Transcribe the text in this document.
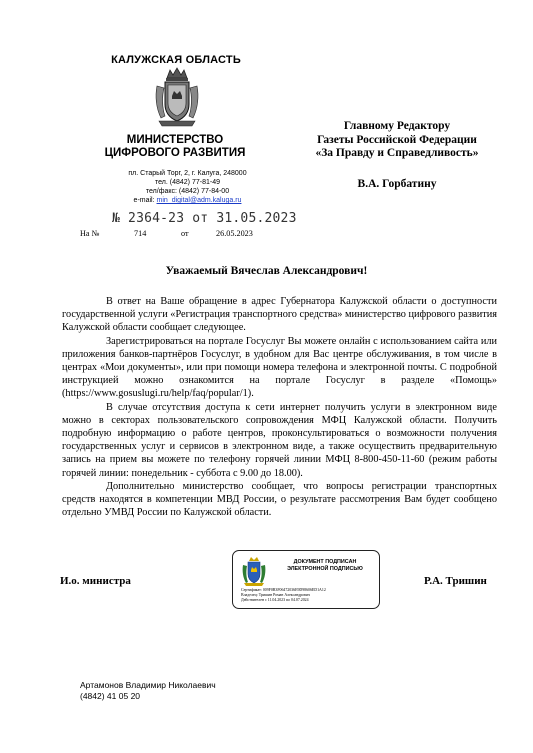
КАЛУЖСКАЯ ОБЛАСТЬ
МИНИСТЕРСТВО
ЦИФРОВОГО РАЗВИТИЯ
пл. Старый Торг, 2, г. Калуга, 248000
тел. (4842) 77-81-49
тел/факс: (4842) 77-84-00
e-mail: min_digital@adm.kaluga.ru
№ 2364-23 от 31.05.2023
На №	714	от	26.05.2023
Главному Редактору
Газеты Российской Федерации
«За Правду и Справедливость»
В.А. Горбатину
Уважаемый Вячеслав Александрович!

В ответ на Ваше обращение в адрес Губернатора Калужской области о доступности государственной услуги «Регистрация транспортного средства» министерство цифрового развития Калужской области сообщает следующее.

Зарегистрироваться на портале Госуслуг Вы можете онлайн с использованием сайта или приложения банков-партнёров Госуслуг, в удобном для Вас центре обслуживания, в том числе в центрах «Мои документы», или при помощи номера телефона и электронной почты. С подробной инструкцией можно ознакомится на портале Госуслуг в разделе «Помощь» (https://www.gosuslugi.ru/help/faq/popular/1).

В случае отсутствия доступа к сети интернет получить услуги в электронном виде можно в секторах пользовательского сопровождения МФЦ Калужской области. Получить подробную информацию о работе центров, проконсультироваться о возможности получения государственных услуг и сервисов в электронном виде, а также осуществить предварительную запись на прием вы можете по телефону горячей линии МФЦ 8-800-450-11-60 (режим работы горячей линии: понедельник - суббота с 9.00 до 18.00).

Дополнительно министерство сообщает, что вопросы регистрации транспортных средств находятся в компетенции МВД России, о результате рассмотрения Вам будет сообщено отдельно УМВД России по Калужской области.

И.о. министра	Р.А. Тришин
ДОКУМЕНТ ПОДПИСАН
ЭЛЕКТРОННОЙ ПОДПИСЬЮ
Сертификат: 009F0B3F06472036E9D98606ED1A12
Владелец: Тришин Роман Александрович
Действителен с 11.04.2023 по 04.07.2024
Артамонов Владимир Николаевич
(4842) 41 05 20
